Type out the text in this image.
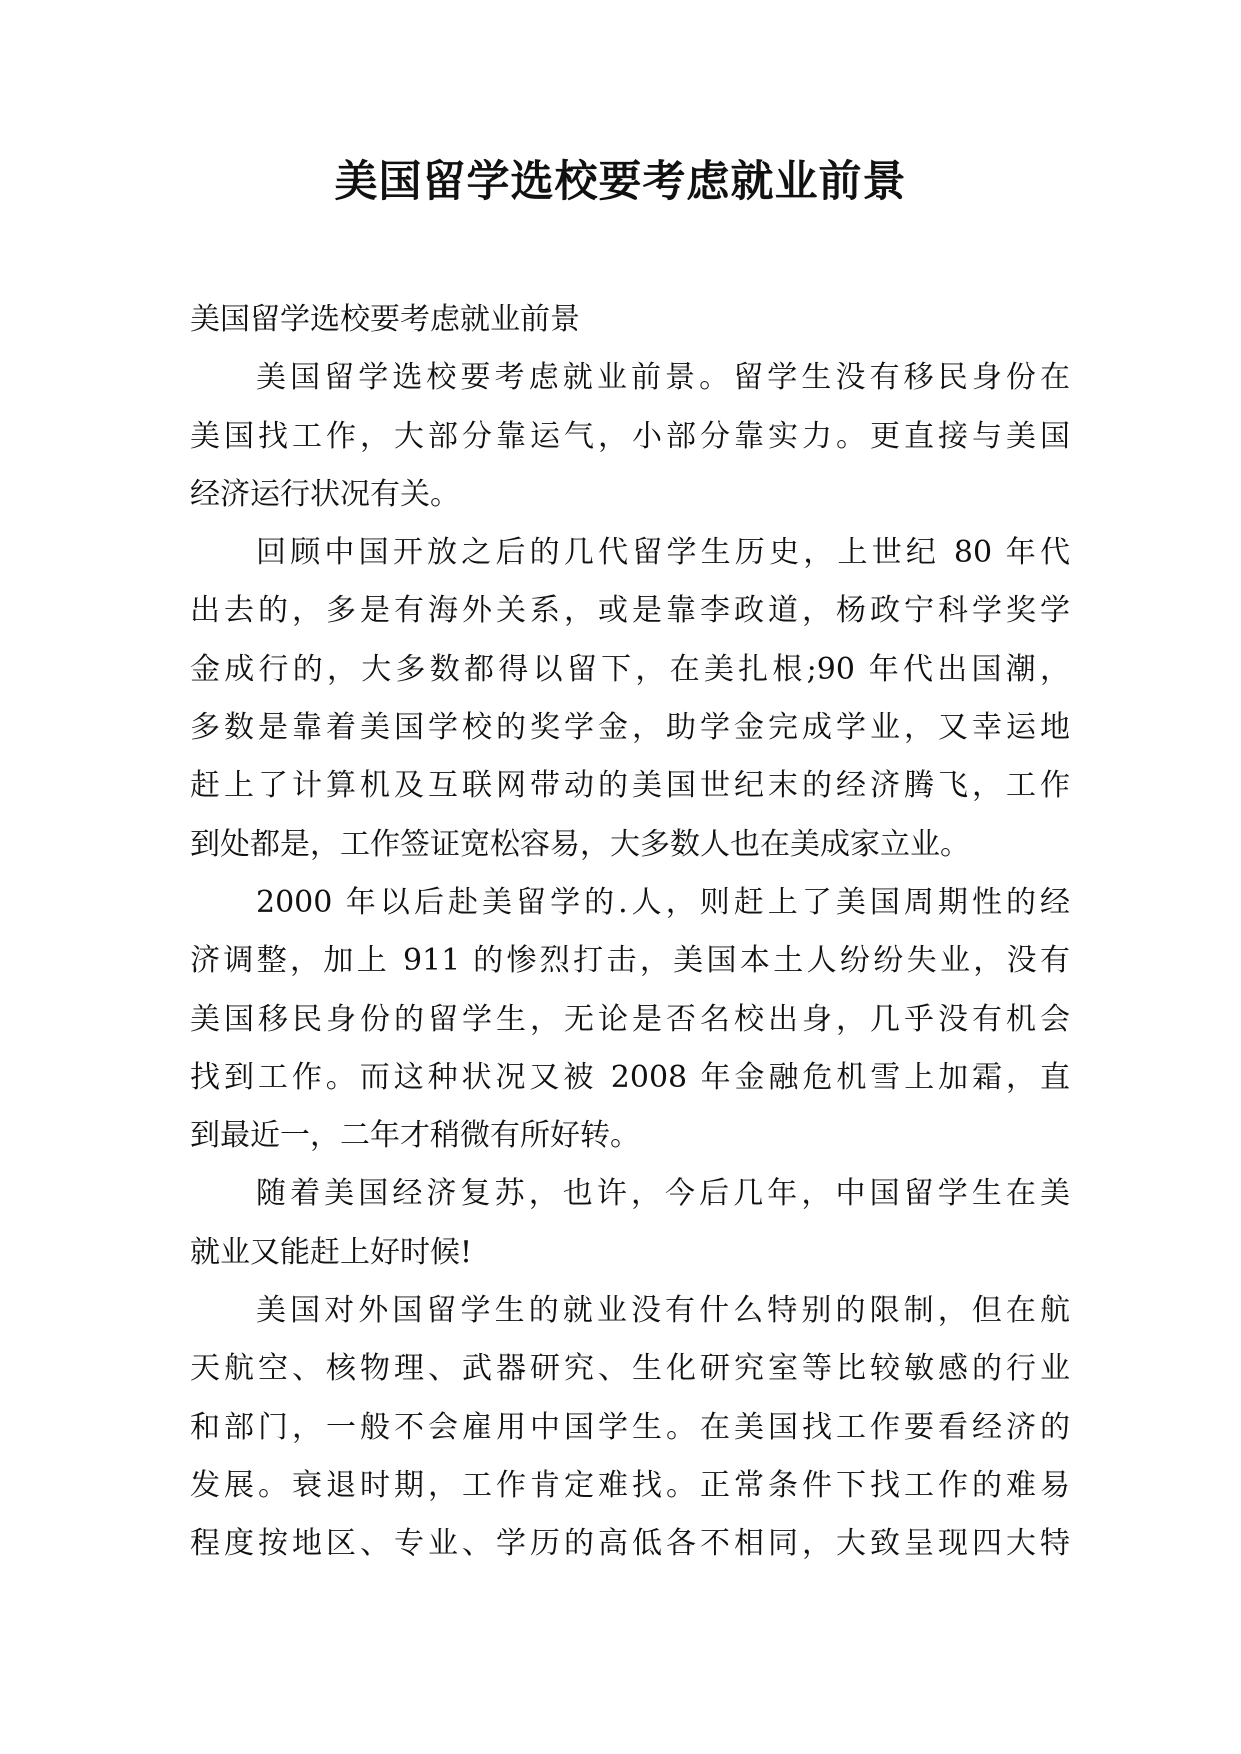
美国留学选校要考虑就业前景

美国留学选校要考虑就业前景

美国留学选校要考虑就业前景。留学生没有移民身份在

美国找工作，大部分靠运气，小部分靠实力。更直接与美国

经济运行状况有关。

回顾中国开放之后的几代留学生历史，上世纪 80 年代

出去的，多是有海外关系，或是靠李政道，杨政宁科学奖学

金成行的，大多数都得以留下，在美扎根;90 年代出国潮，

多数是靠着美国学校的奖学金，助学金完成学业，又幸运地

赶上了计算机及互联网带动的美国世纪末的经济腾飞，工作

到处都是，工作签证宽松容易，大多数人也在美成家立业。

2000 年以后赴美留学的.人，则赶上了美国周期性的经

济调整，加上 911 的惨烈打击，美国本土人纷纷失业，没有

美国移民身份的留学生，无论是否名校出身，几乎没有机会

找到工作。而这种状况又被 2008 年金融危机雪上加霜，直

到最近一，二年才稍微有所好转。

随着美国经济复苏，也许，今后几年，中国留学生在美

就业又能赶上好时候!

美国对外国留学生的就业没有什么特别的限制，但在航

天航空、核物理、武器研究、生化研究室等比较敏感的行业

和部门，一般不会雇用中国学生。在美国找工作要看经济的

发展。衰退时期，工作肯定难找。正常条件下找工作的难易

程度按地区、专业、学历的高低各不相同，大致呈现四大特
